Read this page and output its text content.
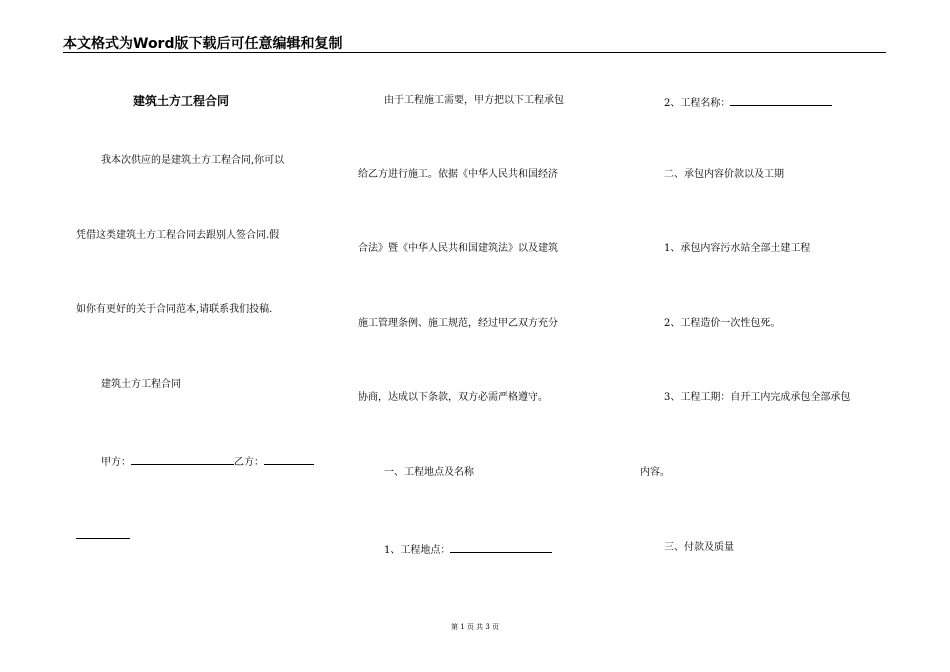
本文格式为Word版下载后可任意编辑和复制
建筑土方工程合同
我本次供应的是建筑土方工程合同,你可以
凭借这类建筑土方工程合同去跟别人签合同.假
如你有更好的关于合同范本,请联系我们投稿.
建筑土方工程合同
甲方：	乙方：
由于工程施工需要，甲方把以下工程承包
给乙方进行施工。依据《中华人民共和国经济
合法》暨《中华人民共和国建筑法》以及建筑
施工管理条例、施工规范，经过甲乙双方充分
协商，达成以下条款，双方必需严格遵守。
一、工程地点及名称
1、工程地点：
2、工程名称：
二、承包内容价款以及工期
1、承包内容污水站全部土建工程
2、工程造价一次性包死。
3、工程工期：自开工内完成承包全部承包
内容。
三、付款及质量
第 1 页 共 3 页
